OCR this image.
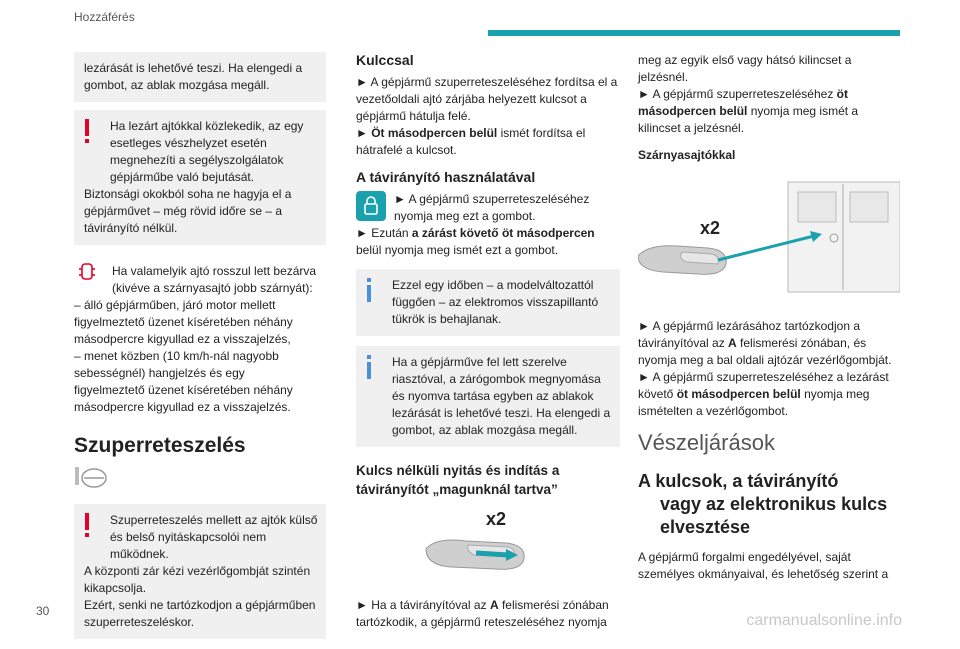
Hozzáférés
lezárását is lehetővé teszi. Ha elengedi a gombot, az ablak mozgása megáll.
Ha lezárt ajtókkal közlekedik, az egy esetleges vészhelyzet esetén megnehezíti a segélyszolgálatok gépjárműbe való bejutását.
Biztonsági okokból soha ne hagyja el a gépjárművet – még rövid időre se – a távirányító nélkül.
Ha valamelyik ajtó rosszul lett bezárva (kivéve a szárnyasajtó jobb szárnyát):
– álló gépjárműben, járó motor mellett figyelmeztető üzenet kíséretében néhány másodpercre kigyullad ez a visszajelzés,
– menet közben (10 km/h-nál nagyobb sebességnél) hangjelzés és egy figyelmeztető üzenet kíséretében néhány másodpercre kigyullad ez a visszajelzés.
Szuperreteszelés
Szuperreteszelés mellett az ajtók külső és belső nyitáskapcsolói nem működnek.
A központi zár kézi vezérlőgombját szintén kikapcsolja.
Ezért, senki ne tartózkodjon a gépjárműben szuperreteszeléskor.
Kulccsal

► A gépjármű szuperreteszeléséhez fordítsa el a vezetőoldali ajtó zárjába helyezett kulcsot a gépjármű hátulja felé.

► Öt másodpercen belül ismét fordítsa el hátrafelé a kulcsot.

A távirányító használatával

► A gépjármű szuperreteszeléséhez nyomja meg ezt a gombot.

► Ezután a zárást követő öt másodpercen belül nyomja meg ismét ezt a gombot.

Ezzel egy időben – a modelváltozattól függően – az elektromos visszapillantó tükrök is behajlanak.
Ha a gépjárműve fel lett szerelve riasztóval, a zárógombok megnyomása és nyomva tartása egyben az ablakok lezárását is lehetővé teszi. Ha elengedi a gombot, az ablak mozgása megáll.
Kulcs nélküli nyitás és indítás a távirányítót „magunknál tartva”
x2

► Ha a távirányítóval az A felismerési zónában tartózkodik, a gépjármű reteszeléséhez nyomja

meg az egyik első vagy hátsó kilincset a jelzésnél.

► A gépjármű szuperreteszeléséhez öt másodpercen belül nyomja meg ismét a kilincset a jelzésnél.

Szárnyasajtókkal

x2

► A gépjármű lezárásához tartózkodjon a távirányítóval az A felismerési zónában, és nyomja meg a bal oldali ajtózár vezérlőgombját.

► A gépjármű szuperreteszeléséhez a lezárást követő öt másodpercen belül nyomja meg ismételten a vezérlőgombot.

Vészeljárások
A kulcsok, a távirányító
vagy az elektronikus kulcs
elvesztése

A gépjármű forgalmi engedélyével, saját személyes okmányaival, és lehetőség szerint a

30
carmanualsonline.info
